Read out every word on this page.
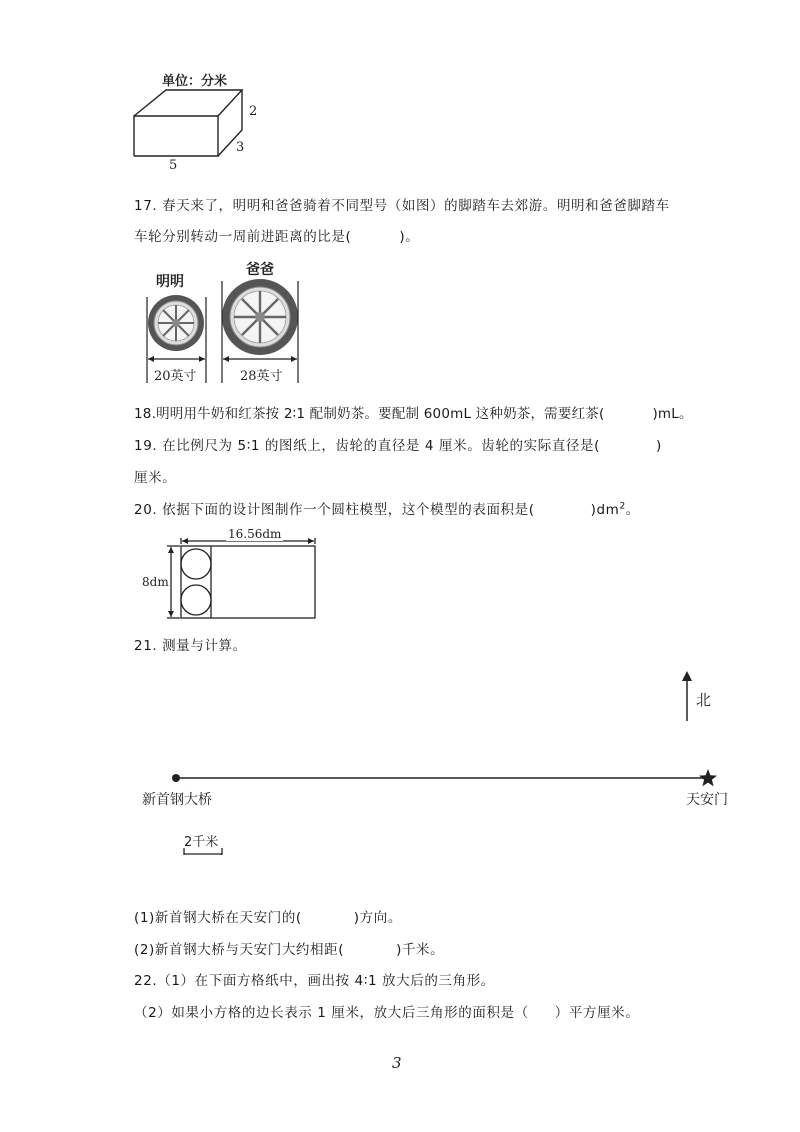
单位：分米
2
3
5
17. 春天来了，明明和爸爸骑着不同型号（如图）的脚踏车去郊游。明明和爸爸脚踏车
车轮分别转动一周前进距离的比是(	)。
明明
爸爸
20英寸	28英寸
18.明明用牛奶和红茶按 2∶1 配制奶茶。要配制 600mL 这种奶茶，需要红茶(	)mL。
19. 在比例尺为 5∶1 的图纸上，齿轮的直径是 4 厘米。齿轮的实际直径是(	)
厘米。
20. 依据下面的设计图制作一个圆柱模型，这个模型的表面积是(	)$dm^2$。
16.56dm
8dm
21. 测量与计算。
北
新首钢大桥	天安门
2千米
(1)新首钢大桥在天安门的(	)方向。
(2)新首钢大桥与天安门大约相距(	)千米。
22.（1）在下面方格纸中，画出按 4∶1 放大后的三角形。
（2）如果小方格的边长表示 1 厘米，放大后三角形的面积是（ ）平方厘米。
3
